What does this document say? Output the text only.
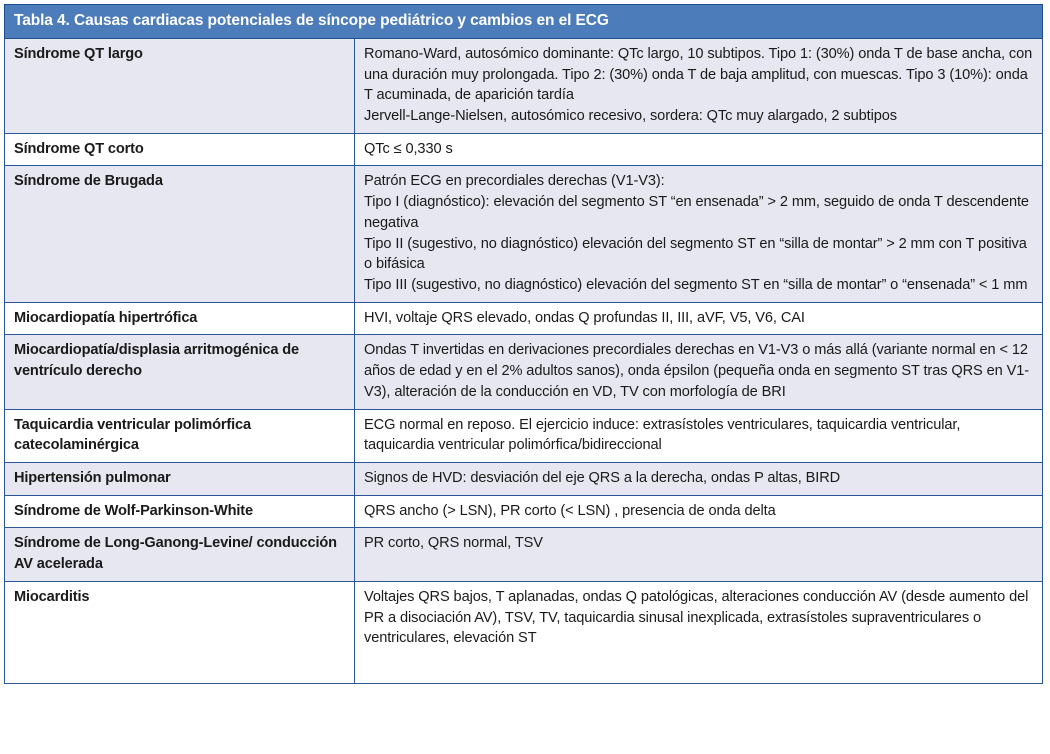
Tabla 4. Causas cardiacas potenciales de síncope pediátrico y cambios en el ECG	
Síndrome QT largo	Romano-Ward, autosómico dominante: QTc largo, 10 subtipos. Tipo 1: (30%) onda T de base ancha, con una duración muy prolongada. Tipo 2: (30%) onda T de baja amplitud, con muescas. Tipo 3 (10%): onda T acuminada, de aparición tardía
Jervell-Lange-Nielsen, autosómico recesivo, sordera: QTc muy alargado, 2 subtipos

Síndrome QT corto	QTc ≤ 0,330 s

Síndrome de Brugada	Patrón ECG en precordiales derechas (V1-V3):
Tipo I (diagnóstico): elevación del segmento ST “en ensenada” > 2 mm, seguido de onda T descendente negativa
Tipo II (sugestivo, no diagnóstico) elevación del segmento ST en “silla de montar” > 2 mm con T positiva o bifásica
Tipo III (sugestivo, no diagnóstico) elevación del segmento ST en “silla de montar” o “ensenada” < 1 mm

Miocardiopatía hipertrófica	HVI, voltaje QRS elevado, ondas Q profundas II, III, aVF, V5, V6, CAI

Miocardiopatía/displasia arritmogénica de ventrículo derecho	Ondas T invertidas en derivaciones precordiales derechas en V1-V3 o más allá (variante normal en < 12 años de edad y en el 2% adultos sanos), onda épsilon (pequeña onda en segmento ST tras QRS en V1-V3), alteración de la conducción en VD, TV con morfología de BRI

Taquicardia ventricular polimórfica catecolaminérgica	ECG normal en reposo. El ejercicio induce: extrasístoles ventriculares, taquicardia ventricular, taquicardia ventricular polimórfica/bidireccional

Hipertensión pulmonar	Signos de HVD: desviación del eje QRS a la derecha, ondas P altas, BIRD

Síndrome de Wolf-Parkinson-White	QRS ancho (> LSN), PR corto (< LSN) , presencia de onda delta

Síndrome de Long-Ganong-Levine/ conducción AV acelerada	PR corto, QRS normal, TSV

Miocarditis	Voltajes QRS bajos, T aplanadas, ondas Q patológicas, alteraciones conducción AV (desde aumento del PR a disociación AV), TSV, TV, taquicardia sinusal inexplicada, extrasístoles supraventriculares o ventriculares, elevación ST
